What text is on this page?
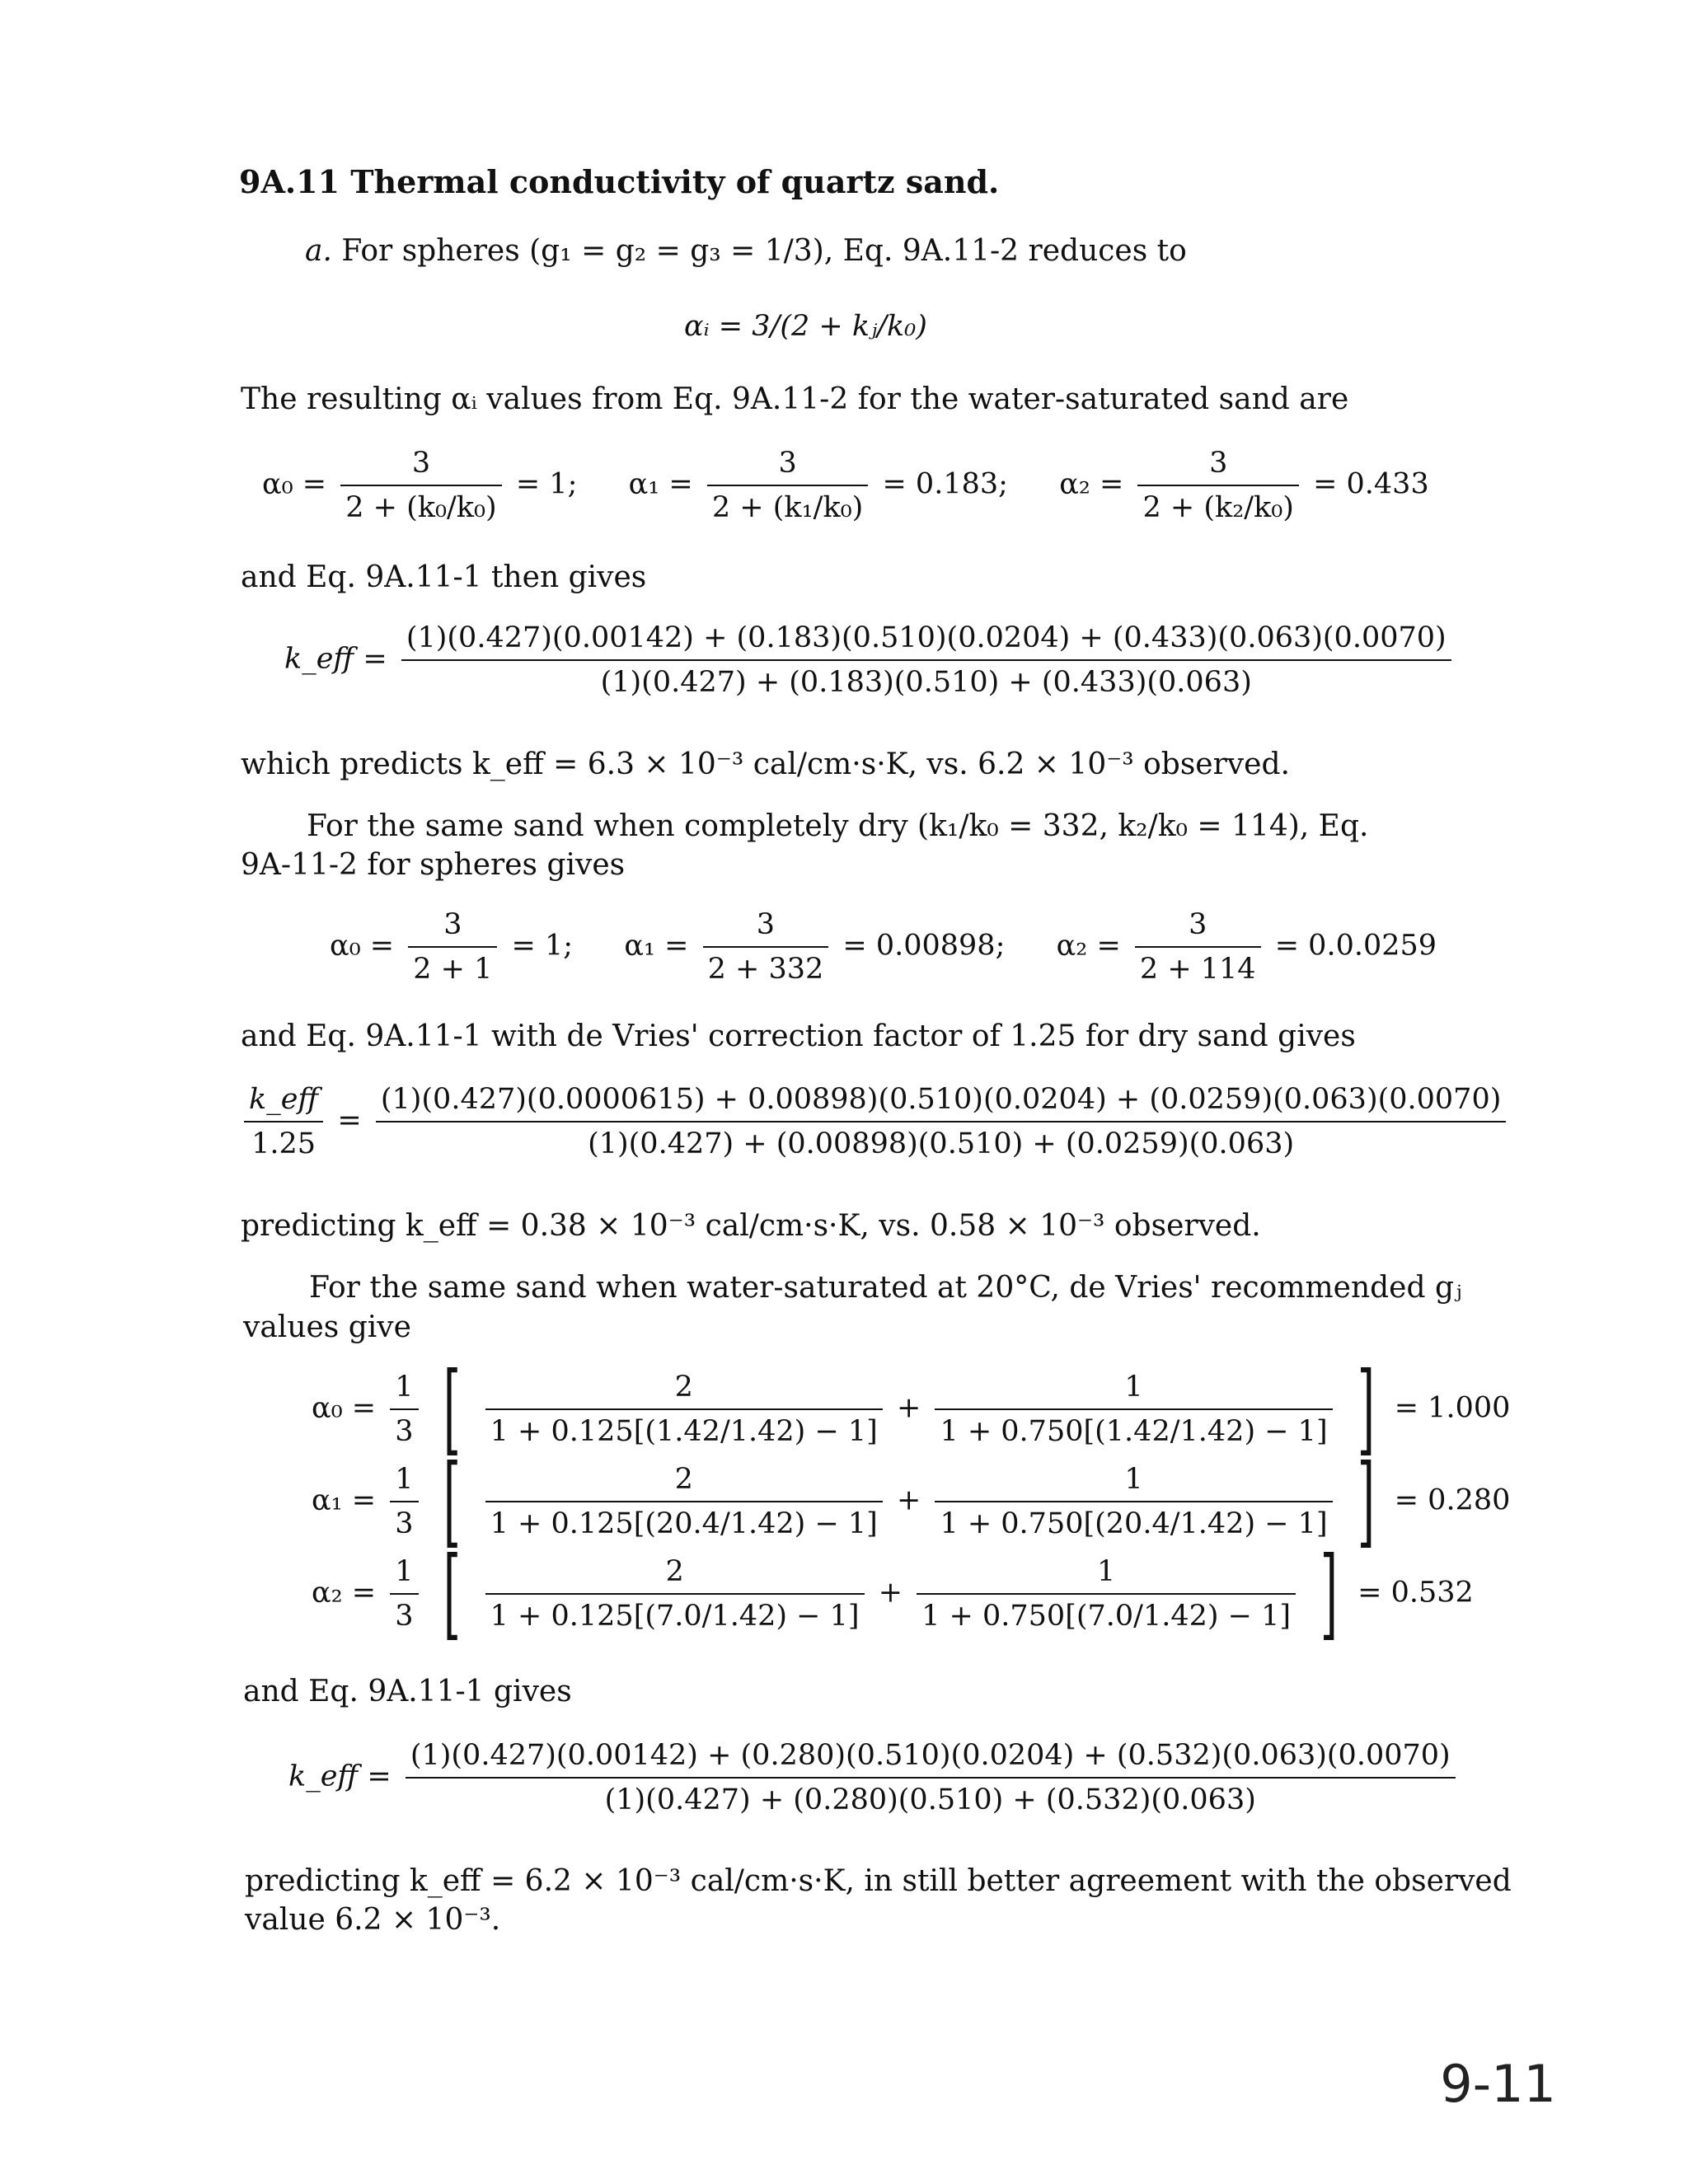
9A.11 Thermal conductivity of quartz sand.
a. For spheres (g₁ = g₂ = g₃ = 1/3), Eq. 9A.11-2 reduces to
αᵢ = 3/(2 + kⱼ/k₀)
The resulting αᵢ values from Eq. 9A.11-2 for the water-saturated sand are
$\alpha_0 = \frac{3}{\text{2 + (k₀/k₀)}} = 1$; $\alpha_1 = \frac{3}{\text{2 + (k₁/k₀)}} = 0.183$; $\alpha_2 = \frac{3}{\text{2 + (k₂/k₀)}} = 0.433$
and Eq. 9A.11-1 then gives
k_eff =
(1)(0.427)(0.00142) + (0.183)(0.510)(0.0204) + (0.433)(0.063)(0.0070)
(1)(0.427) + (0.183)(0.510) + (0.433)(0.063)
which predicts k_eff = 6.3 × 10⁻³ cal/cm·s·K, vs. 6.2 × 10⁻³ observed.
For the same sand when completely dry (k₁/k₀ = 332, k₂/k₀ = 114), Eq.
9A-11-2 for spheres gives
$\alpha_0 = \frac{3}{2 + 1} = 1$; $\alpha_1 = \frac{3}{2 + 332} = 0.00898$; $\alpha_2 = \frac{3}{2 + 114} = 0.0.0259$
and Eq. 9A.11-1 with de Vries' correction factor of 1.25 for dry sand gives
$\frac{\text{k\_eff}}{1.25}$ =
(1)(0.427)(0.0000615) + 0.00898)(0.510)(0.0204) + (0.0259)(0.063)(0.0070)
(1)(0.427) + (0.00898)(0.510) + (0.0259)(0.063)
predicting k_eff = 0.38 × 10⁻³ cal/cm·s·K, vs. 0.58 × 10⁻³ observed.
For the same sand when water-saturated at 20°C, de Vries' recommended gⱼ
values give
$\alpha_0 = \frac{1}{3}$ [ $\frac{2}{1 + 0.125[(1.42/1.42) - 1]} + \frac{1}{1 + 0.750[(1.42/1.42) - 1]}$ ] = 1.000
$\alpha_1 = \frac{1}{3}$ [ $\frac{2}{1 + 0.125[(20.4/1.42) - 1]} + \frac{1}{1 + 0.750[(20.4/1.42) - 1]}$ ] = 0.280
$\alpha_2 = \frac{1}{3}$ [ $\frac{2}{1 + 0.125[(7.0/1.42) - 1]} + \frac{1}{1 + 0.750[(7.0/1.42) - 1]}$ ] = 0.532
and Eq. 9A.11-1 gives
k_eff =
(1)(0.427)(0.00142) + (0.280)(0.510)(0.0204) + (0.532)(0.063)(0.0070)
(1)(0.427) + (0.280)(0.510) + (0.532)(0.063)
predicting k_eff = 6.2 × 10⁻³ cal/cm·s·K, in still better agreement with the observed
value 6.2 × 10⁻³.
9-11
